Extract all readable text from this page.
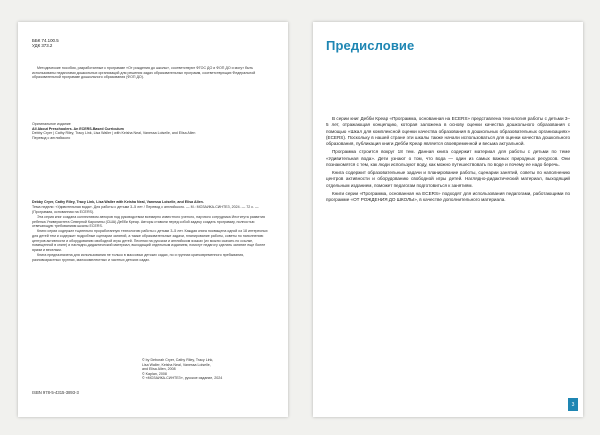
ББК 74.100.5

УДК 373.2

Методические пособия, разработанные к программе «От рождения до школы», соответствуют ФГОС ДО и ФОП ДО и могут быть использованы педагогами дошкольных организаций для решения задач образовательных программ, соответствующих Федеральной образовательной программе дошкольного образования (ФОП ДО).

Оригинальное издание

All About Preschoolers. An ECERS-Based Curriculum

Debby Cryer | Cathy Riley, Tracy Link, Lisa Waller | with Keisha Neal, Vanessa Loiselle, and Elisa Allen

Перевод с английского

Debby Cryer, Cathy Riley, Tracy Link, Lisa Waller with Keisha Neal, Vanessa Loiselle, and Elisa Allen.

Тема недели: «Удивительная вода». Для работы с детьми 3–5 лет / Перевод с английского. — М.: МОЗАИКА-СИНТЕЗ, 2024. — 72 с. — (Программа, основанная на ECERS).

Эта серия книг создана коллективом авторов под руководством всемирно известного ученого, научного сотрудника Института развития ребенка Университета Северной Каролины (США) Дебби Креар. Авторы ставили перед собой задачу создать программу, полностью отвечающую требованиям шкалы ECERS.

Книги серии содержат тщательно проработанную технологию работы с детьми 3–5 лет. Каждая книга посвящена одной из 18 интересных для детей тем и содержит подробные сценарии занятий, а также образовательные задачи, планирование работы, советы по наполнению центров активности и оборудованию свободной игры детей. Песенки на русском и английском языках (их можно скачать по ссылке, помещенной в книге) и наглядно-дидактический материал, выходящий отдельным изданием, помогут педагогу сделать занятие еще более ярким и веселым.

Книга предназначена для использования не только в массовых детских садах, но и группах кратковременного пребывания, разновозрастных группах, малокомплектных и частных детских садах.

© by Deborah Cryer, Cathy Riley, Tracy Link,

Lisa Waller, Keisha Neal, Vanessa Loiselle,

and Elisa Allen, 2008

© Kaplan, 2008

© «МОЗАИКА-СИНТЕЗ», русское издание, 2024

ISBN 978-5-4315-3893-3
Предисловие

В серии книг Дебби Креар «Программа, основанная на ECERS» представлена технология работы с детьми 3–5 лет, отражающая концепцию, которая заложена в основу оценки качества дошкольного образования с помощью «Шкал для комплексной оценки качества образования в дошкольных образовательных организациях» (ECERS). Поскольку в нашей стране эти шкалы также начали использоваться для оценки качества дошкольного образования, публикация книги Дебби Креар является своевременной и весьма актуальной.

Программа строится вокруг 18 тем. Данная книга содержит материал для работы с детьми по теме «Удивительная вода». Дети узнают о том, что вода — один из самых важных природных ресурсов. Они познакомятся с тем, как люди используют воду, как можно путешествовать по воде и почему ее надо беречь.

Книга содержит образовательные задачи и планирование работы, сценарии занятий, советы по наполнению центров активности и оборудованию свободной игры детей. Наглядно-дидактический материал, выходящий отдельным изданием, поможет педагогам подготовиться к занятиям.

Книги серии «Программа, основанная на ECERS» подходят для использования педагогами, работающими по программе «ОТ РОЖДЕНИЯ ДО ШКОЛЫ», в качестве дополнительного материала.

3
